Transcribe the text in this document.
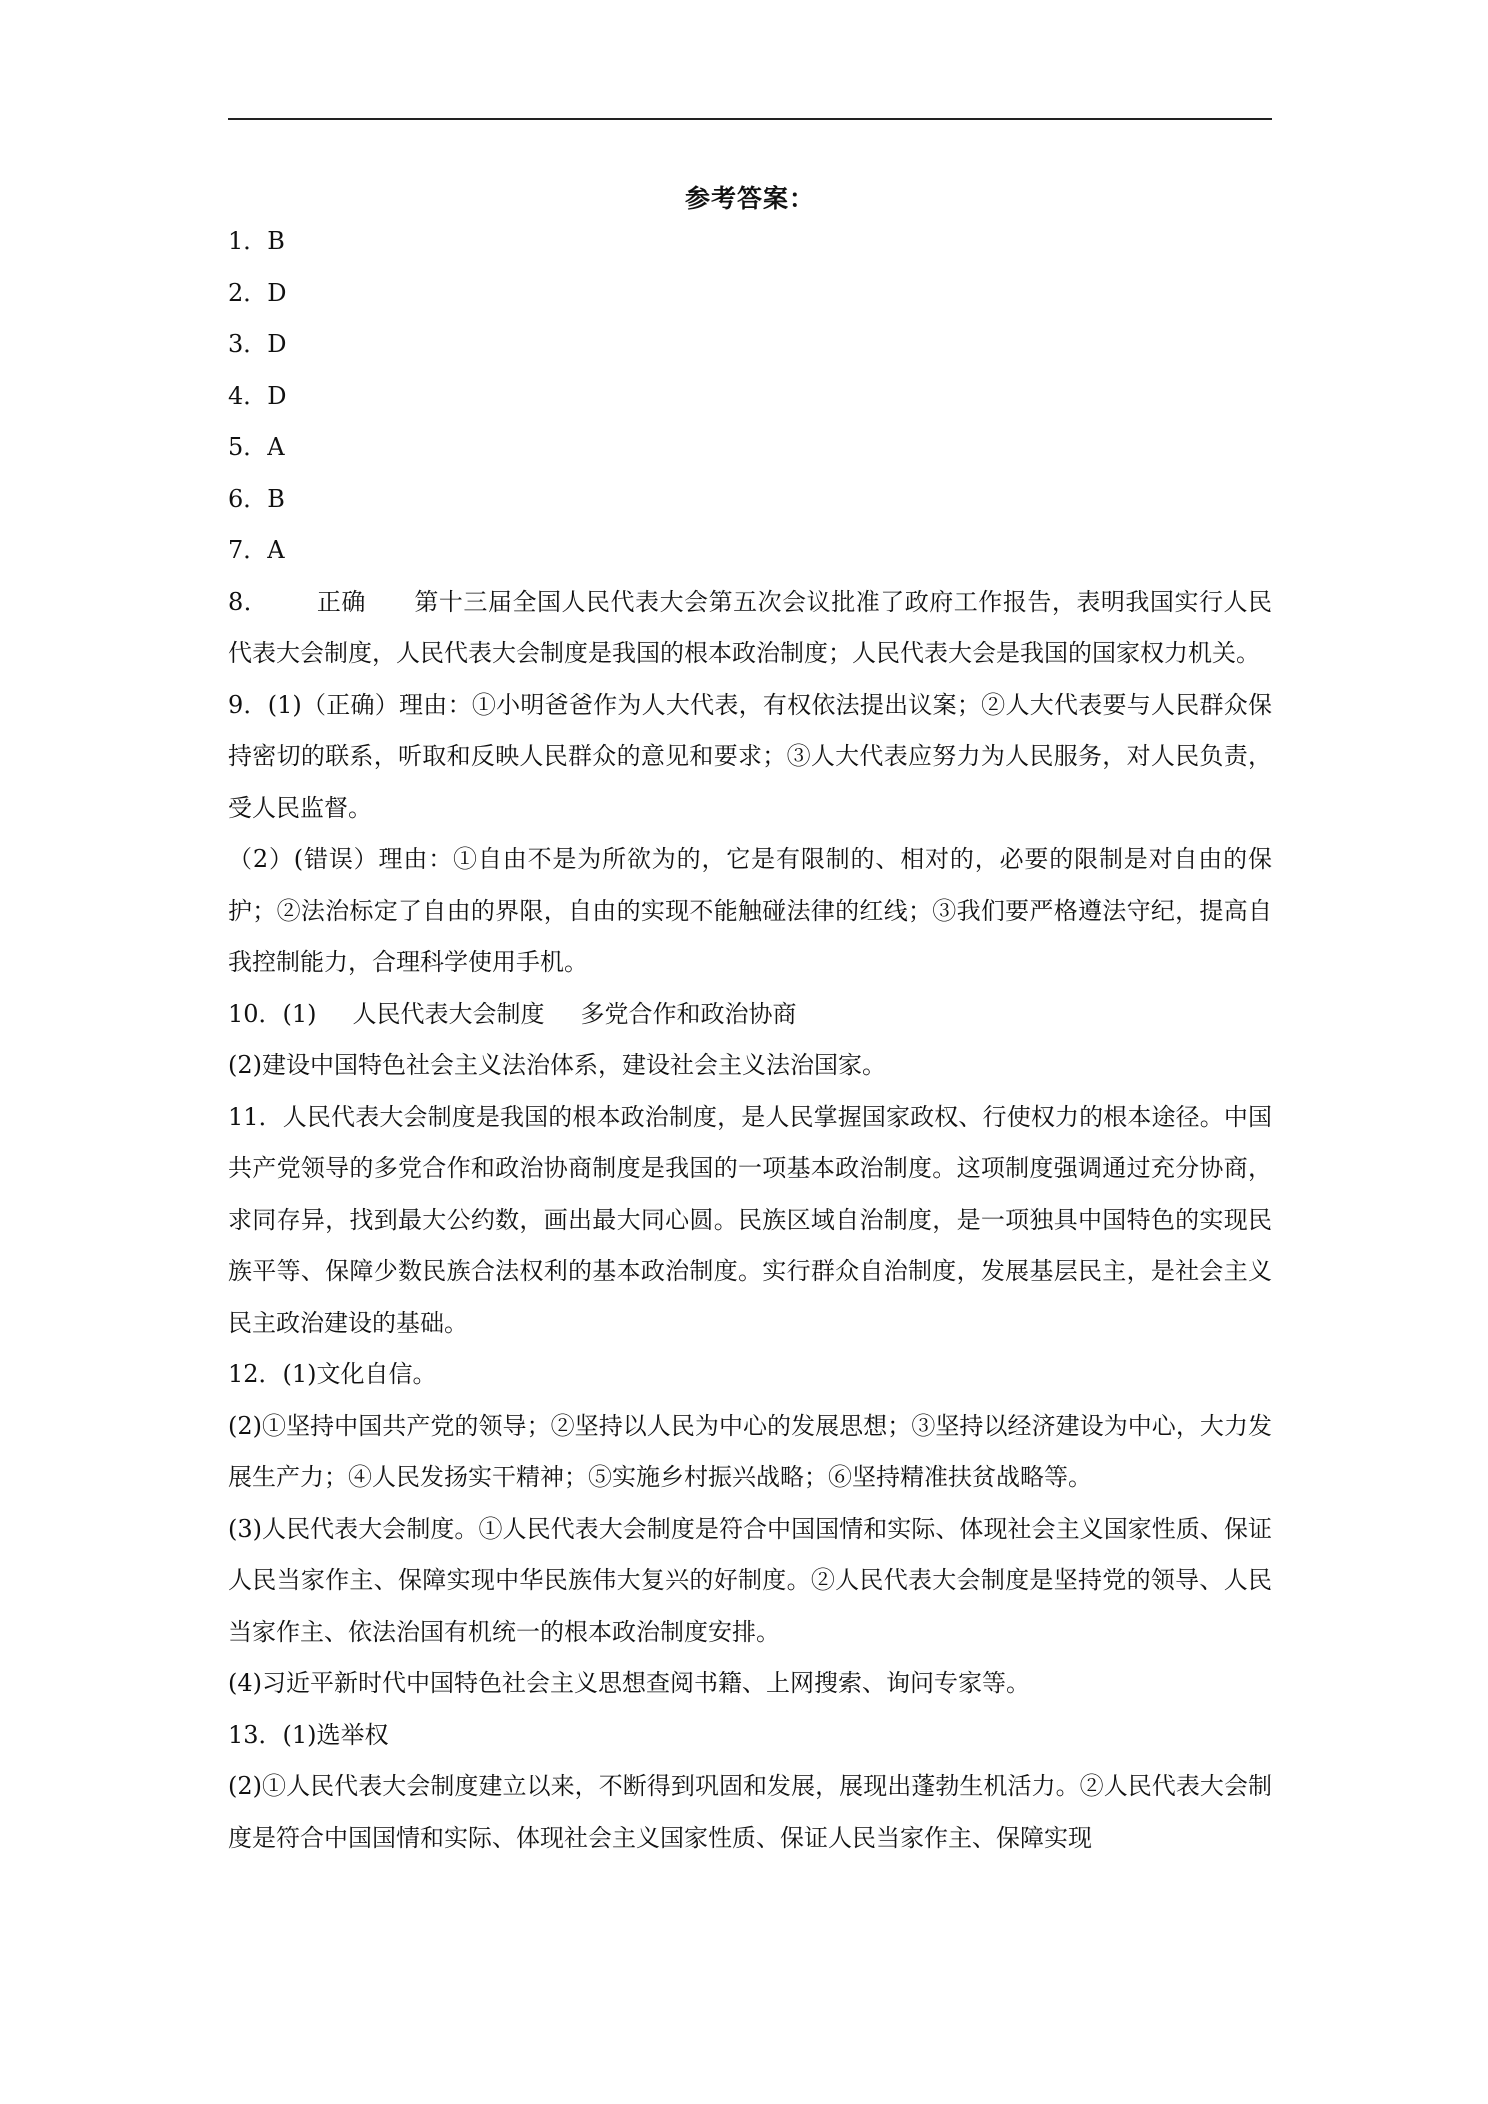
参考答案：

1．B

2．D

3．D

4．D

5．A

6．B

7．A

8． 正确 第十三届全国人民代表大会第五次会议批准了政府工作报告，表明我国实行人民代表大会制度，人民代表大会制度是我国的根本政治制度；人民代表大会是我国的国家权力机关。

9．(1)（正确）理由：①小明爸爸作为人大代表，有权依法提出议案；②人大代表要与人民群众保持密切的联系，听取和反映人民群众的意见和要求；③人大代表应努力为人民服务，对人民负责，受人民监督。

（2）(错误）理由：①自由不是为所欲为的，它是有限制的、相对的，必要的限制是对自由的保护；②法治标定了自由的界限，自由的实现不能触碰法律的红线；③我们要严格遵法守纪，提高自我控制能力，合理科学使用手机。

10．(1) 人民代表大会制度 多党合作和政治协商

(2)建设中国特色社会主义法治体系，建设社会主义法治国家。

11．人民代表大会制度是我国的根本政治制度，是人民掌握国家政权、行使权力的根本途径。中国共产党领导的多党合作和政治协商制度是我国的一项基本政治制度。这项制度强调通过充分协商，求同存异，找到最大公约数，画出最大同心圆。民族区域自治制度，是一项独具中国特色的实现民族平等、保障少数民族合法权利的基本政治制度。实行群众自治制度，发展基层民主，是社会主义民主政治建设的基础。

12．(1)文化自信。

(2)①坚持中国共产党的领导；②坚持以人民为中心的发展思想；③坚持以经济建设为中心，大力发展生产力；④人民发扬实干精神；⑤实施乡村振兴战略；⑥坚持精准扶贫战略等。

(3)人民代表大会制度。①人民代表大会制度是符合中国国情和实际、体现社会主义国家性质、保证人民当家作主、保障实现中华民族伟大复兴的好制度。②人民代表大会制度是坚持党的领导、人民当家作主、依法治国有机统一的根本政治制度安排。

(4)习近平新时代中国特色社会主义思想查阅书籍、上网搜索、询问专家等。

13．(1)选举权

(2)①人民代表大会制度建立以来，不断得到巩固和发展，展现出蓬勃生机活力。②人民代表大会制度是符合中国国情和实际、体现社会主义国家性质、保证人民当家作主、保障实现
